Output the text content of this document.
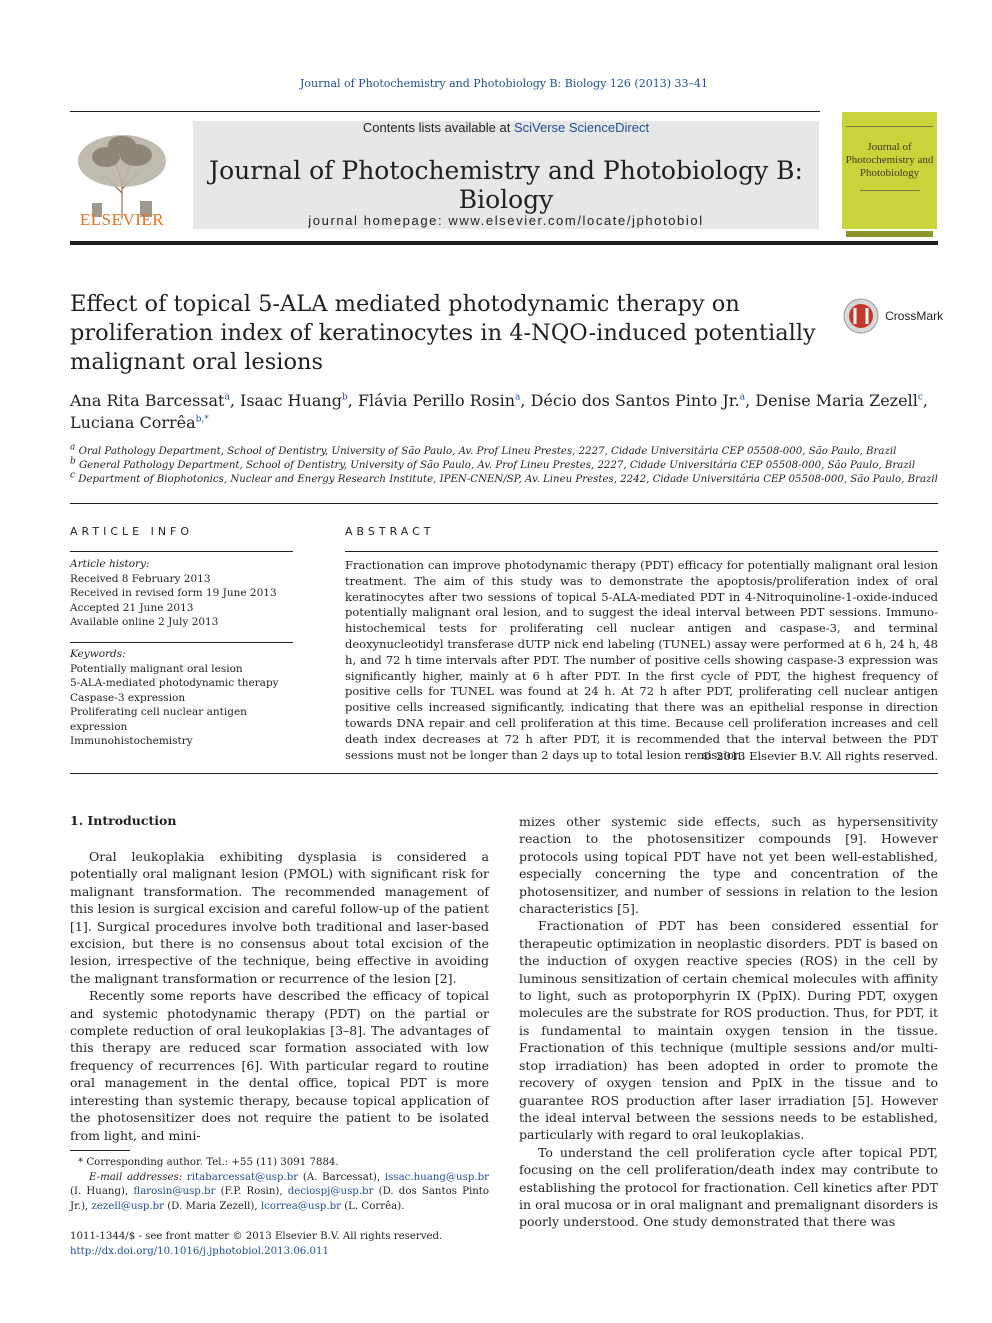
Journal of Photochemistry and Photobiology B: Biology 126 (2013) 33–41
ELSEVIER
Contents lists available at SciVerse ScienceDirect
Journal of Photochemistry and Photobiology B: Biology
journal homepage: www.elsevier.com/locate/jphotobiol
Journal of Photochemistry and Photobiology
Effect of topical 5-ALA mediated photodynamic therapy on proliferation index of keratinocytes in 4-NQO-induced potentially malignant oral lesions
CrossMark
Ana Rita Barcessat$^a$, Isaac Huang$^b$, Flávia Perillo Rosin$^a$, Décio dos Santos Pinto Jr.$^a$, Denise Maria Zezell$^c$,
Luciana Corrêa$^{b,*}$
$^a$ Oral Pathology Department, School of Dentistry, University of São Paulo, Av. Prof Lineu Prestes, 2227, Cidade Universitária CEP 05508-000, São Paulo, Brazil
$^b$ General Pathology Department, School of Dentistry, University of São Paulo, Av. Prof Lineu Prestes, 2227, Cidade Universitária CEP 05508-000, São Paulo, Brazil
$^c$ Department of Biophotonics, Nuclear and Energy Research Institute, IPEN-CNEN/SP, Av. Lineu Prestes, 2242, Cidade Universitária CEP 05508-000, São Paulo, Brazil
ARTICLE INFO
Article history:
Received 8 February 2013
Received in revised form 19 June 2013
Accepted 21 June 2013
Available online 2 July 2013
Keywords:
Potentially malignant oral lesion
5-ALA-mediated photodynamic therapy
Caspase-3 expression
Proliferating cell nuclear antigen expression
Immunohistochemistry
ABSTRACT
Fractionation can improve photodynamic therapy (PDT) efficacy for potentially malignant oral lesion treatment. The aim of this study was to demonstrate the apoptosis/proliferation index of oral keratinocytes after two sessions of topical 5-ALA-mediated PDT in 4-Nitroquinoline-1-oxide-induced potentially malignant oral lesion, and to suggest the ideal interval between PDT sessions. Immuno-histochemical tests for proliferating cell nuclear antigen and caspase-3, and terminal deoxynucleotidyl transferase dUTP nick end labeling (TUNEL) assay were performed at 6 h, 24 h, 48 h, and 72 h time intervals after PDT. The number of positive cells showing caspase-3 expression was significantly higher, mainly at 6 h after PDT. In the first cycle of PDT, the highest frequency of positive cells for TUNEL was found at 24 h. At 72 h after PDT, proliferating cell nuclear antigen positive cells increased significantly, indicating that there was an epithelial response in direction towards DNA repair and cell proliferation at this time. Because cell proliferation increases and cell death index decreases at 72 h after PDT, it is recommended that the interval between the PDT sessions must not be longer than 2 days up to total lesion remission.
© 2013 Elsevier B.V. All rights reserved.
1. Introduction

Oral leukoplakia exhibiting dysplasia is considered a potentially oral malignant lesion (PMOL) with significant risk for malignant transformation. The recommended management of this lesion is surgical excision and careful follow-up of the patient [1]. Surgical procedures involve both traditional and laser-based excision, but there is no consensus about total excision of the lesion, irrespective of the technique, being effective in avoiding the malignant transformation or recurrence of the lesion [2].

Recently some reports have described the efficacy of topical and systemic photodynamic therapy (PDT) on the partial or complete reduction of oral leukoplakias [3–8]. The advantages of this therapy are reduced scar formation associated with low frequency of recurrences [6]. With particular regard to routine oral management in the dental office, topical PDT is more interesting than systemic therapy, because topical application of the photosensitizer does not require the patient to be isolated from light, and mini-

mizes other systemic side effects, such as hypersensitivity reaction to the photosensitizer compounds [9]. However protocols using topical PDT have not yet been well-established, especially concerning the type and concentration of the photosensitizer, and number of sessions in relation to the lesion characteristics [5].

Fractionation of PDT has been considered essential for therapeutic optimization in neoplastic disorders. PDT is based on the induction of oxygen reactive species (ROS) in the cell by luminous sensitization of certain chemical molecules with affinity to light, such as protoporphyrin IX (PpIX). During PDT, oxygen molecules are the substrate for ROS production. Thus, for PDT, it is fundamental to maintain oxygen tension in the tissue. Fractionation of this technique (multiple sessions and/or multi-stop irradiation) has been adopted in order to promote the recovery of oxygen tension and PpIX in the tissue and to guarantee ROS production after laser irradiation [5]. However the ideal interval between the sessions needs to be established, particularly with regard to oral leukoplakias.

To understand the cell proliferation cycle after topical PDT, focusing on the cell proliferation/death index may contribute to establishing the protocol for fractionation. Cell kinetics after PDT in oral mucosa or in oral malignant and premalignant disorders is poorly understood. One study demonstrated that there was

* Corresponding author. Tel.: +55 (11) 3091 7884.
E-mail addresses: ritabarcessat@usp.br (A. Barcessat), issac.huang@usp.br (I. Huang), flarosin@usp.br (F.P. Rosin), deciospj@usp.br (D. dos Santos Pinto Jr.), zezell@usp.br (D. Maria Zezell), lcorrea@usp.br (L. Corrêa).
1011-1344/$ - see front matter © 2013 Elsevier B.V. All rights reserved.
http://dx.doi.org/10.1016/j.jphotobiol.2013.06.011
